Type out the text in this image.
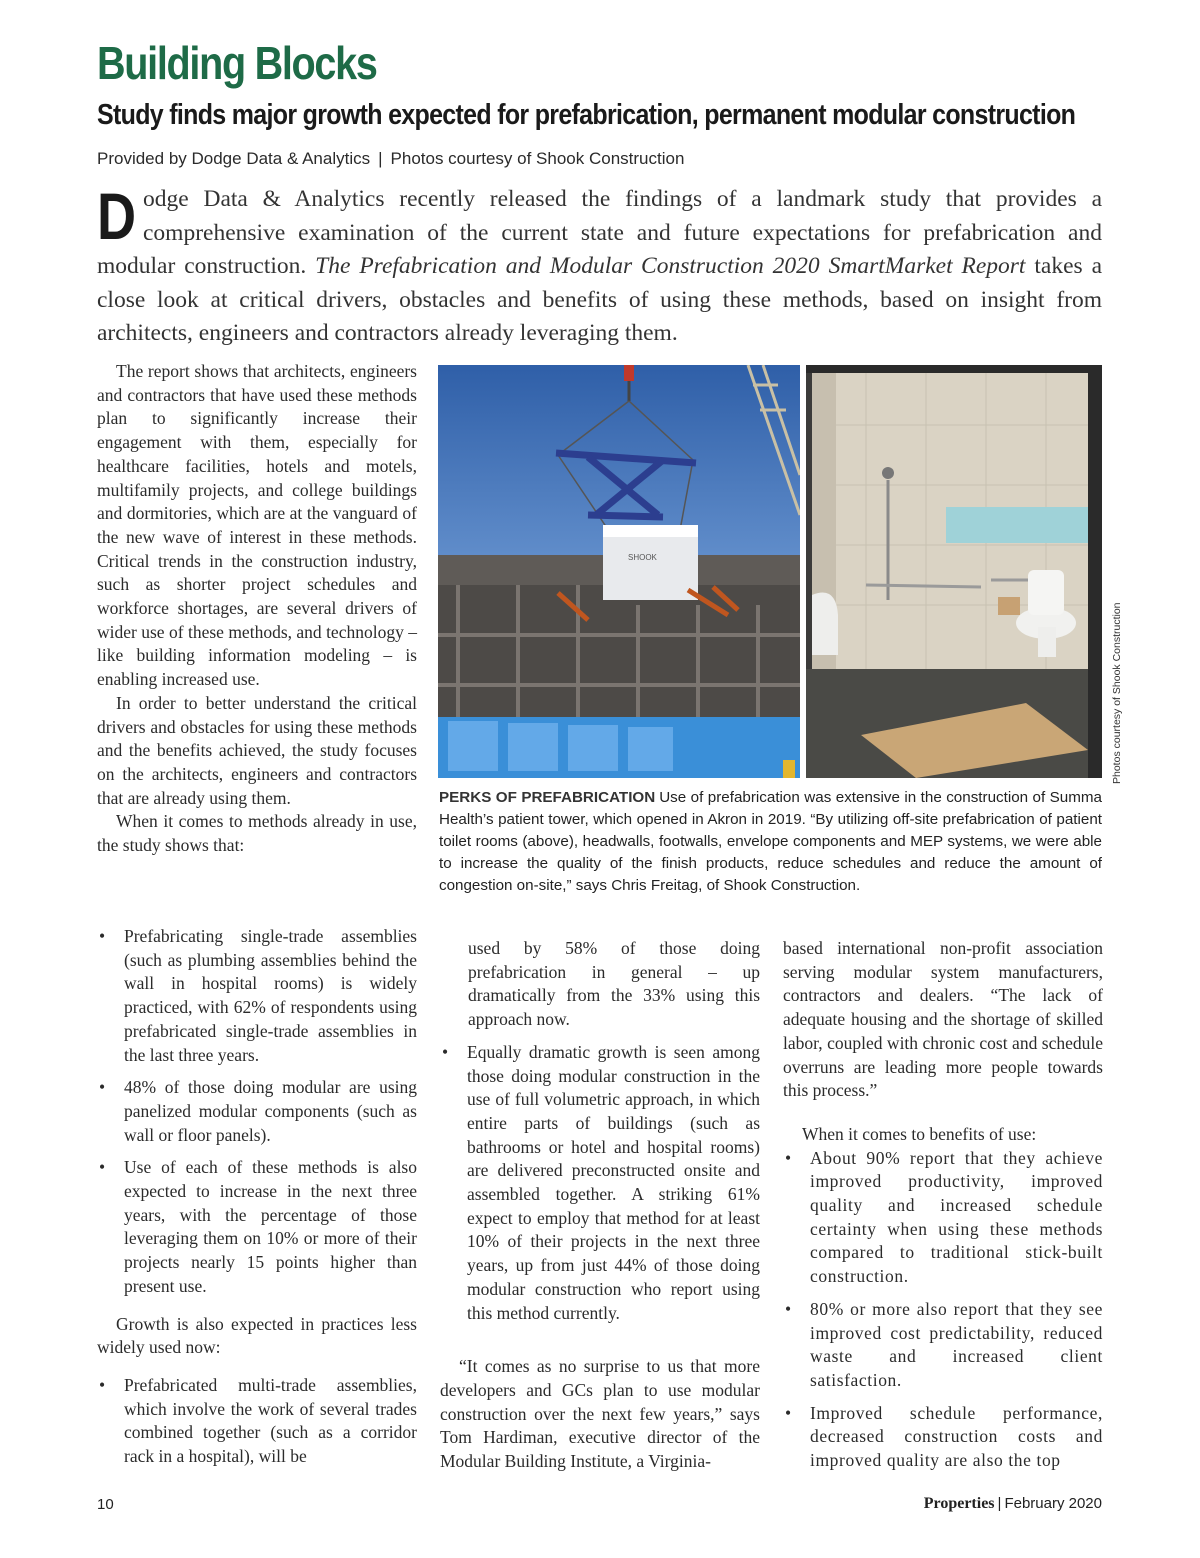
Building Blocks
Study finds major growth expected for prefabrication, permanent modular construction
Provided by Dodge Data & Analytics | Photos courtesy of Shook Construction
Dodge Data & Analytics recently released the findings of a landmark study that provides a comprehensive examination of the current state and future expectations for prefabrication and modular construction. The Prefabrication and Modular Construction 2020 SmartMarket Report takes a close look at critical drivers, obstacles and benefits of using these methods, based on insight from architects, engineers and contractors already leveraging them.

The report shows that architects, engineers and contractors that have used these methods plan to significantly increase their engagement with them, especially for healthcare facilities, hotels and motels, multifamily projects, and college buildings and dormitories, which are at the vanguard of the new wave of interest in these methods. Critical trends in the construction industry, such as shorter project schedules and workforce shortages, are several drivers of wider use of these methods, and technology – like building information modeling – is enabling increased use.

In order to better understand the critical drivers and obstacles for using these methods and the benefits achieved, the study focuses on the architects, engineers and contractors that are already using them.

When it comes to methods already in use, the study shows that:

• Prefabricating single-trade assemblies (such as plumbing assemblies behind the wall in hospital rooms) is widely practiced, with 62% of respondents using prefabricated single-trade assemblies in the last three years.
• 48% of those doing modular are using panelized modular components (such as wall or floor panels).
• Use of each of these methods is also expected to increase in the next three years, with the percentage of those leveraging them on 10% or more of their projects nearly 15 points higher than present use.

Growth is also expected in practices less widely used now:

• Prefabricated multi-trade assemblies, which involve the work of several trades combined together (such as a corridor rack in a hospital), will be

used by 58% of those doing prefabrication in general – up dramatically from the 33% using this approach now.

• Equally dramatic growth is seen among those doing modular construction in the use of full volumetric approach, in which entire parts of buildings (such as bathrooms or hotel and hospital rooms) are delivered preconstructed onsite and assembled together. A striking 61% expect to employ that method for at least 10% of their projects in the next three years, up from just 44% of those doing modular construction who report using this method currently.

“It comes as no surprise to us that more developers and GCs plan to use modular construction over the next few years,” says Tom Hardiman, executive director of the Modular Building Institute, a Virginia-

based international non-profit association serving modular system manufacturers, contractors and dealers. “The lack of adequate housing and the shortage of skilled labor, coupled with chronic cost and schedule overruns are leading more people towards this process.”

When it comes to benefits of use:

• About 90% report that they achieve improved productivity, improved quality and increased schedule certainty when using these methods compared to traditional stick-built construction.
• 80% or more also report that they see improved cost predictability, reduced waste and increased client satisfaction.
• Improved schedule performance, decreased construction costs and improved quality are also the top
SHOOK
Photos courtesy of Shook Construction
PERKS OF PREFABRICATION Use of prefabrication was extensive in the construction of Summa Health’s patient tower, which opened in Akron in 2019. “By utilizing off-site prefabrication of patient toilet rooms (above), headwalls, footwalls, envelope components and MEP systems, we were able to increase the quality of the finish products, reduce schedules and reduce the amount of congestion on-site,” says Chris Freitag, of Shook Construction.
10	Properties | February 2020
